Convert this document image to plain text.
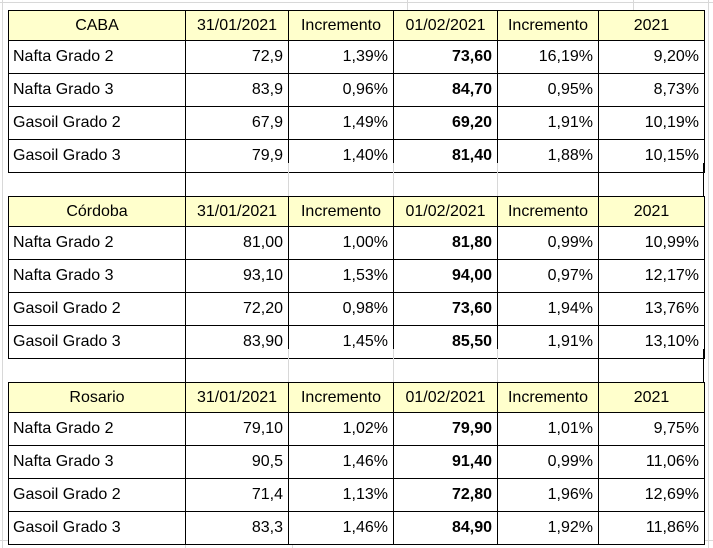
CABA	31/01/2021	Incremento	01/02/2021	Incremento	2021
Nafta Grado 2	72,9	1,39%	73,60	16,19%	9,20%
Nafta Grado 3	83,9	0,96%	84,70	0,95%	8,73%
Gasoil Grado 2	67,9	1,49%	69,20	1,91%	10,19%
Gasoil Grado 3	79,9	1,40%	81,40	1,88%	10,15%
Córdoba	31/01/2021	Incremento	01/02/2021	Incremento	2021
Nafta Grado 2	81,00	1,00%	81,80	0,99%	10,99%
Nafta Grado 3	93,10	1,53%	94,00	0,97%	12,17%
Gasoil Grado 2	72,20	0,98%	73,60	1,94%	13,76%
Gasoil Grado 3	83,90	1,45%	85,50	1,91%	13,10%
Rosario	31/01/2021	Incremento	01/02/2021	Incremento	2021
Nafta Grado 2	79,10	1,02%	79,90	1,01%	9,75%
Nafta Grado 3	90,5	1,46%	91,40	0,99%	11,06%
Gasoil Grado 2	71,4	1,13%	72,80	1,96%	12,69%
Gasoil Grado 3	83,3	1,46%	84,90	1,92%	11,86%
